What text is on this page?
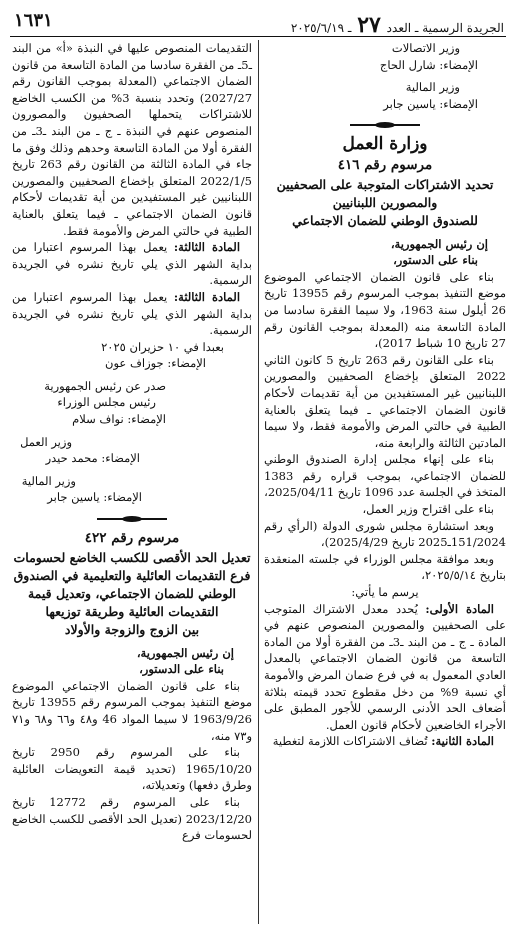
الجريدة الرسمية ـ العدد ٢٧ ـ ٢٠٢٥/٦/١٩
١٦٣١
وزير الاتصالات
الإمضاء: شارل الحاج
وزير المالية
الإمضاء: ياسين جابر
وزارة العمل
مرسوم رقم ٤١٦
تحديد الاشتراكات المتوجبة على الصحفيين
والمصورين اللبنانيين
للصندوق الوطني للضمان الاجتماعي
إن رئيس الجمهورية،
بناء على الدستور،
بناء على قانون الضمان الاجتماعي الموضوع موضع التنفيذ بموجب المرسوم رقم 13955 تاريخ 26 أيلول سنة 1963، ولا سيما الفقرة سادسا من المادة التاسعة منه (المعدلة بموجب القانون رقم 27 تاريخ 10 شباط 2017)،
بناء على القانون رقم 263 تاريخ 5 كانون الثاني 2022 المتعلق بإخضاع الصحفيين والمصورين اللبنانيين غير المستفيدين من أية تقديمات لأحكام قانون الضمان الاجتماعي ـ فيما يتعلق بالعناية الطبية في حالتي المرض والأمومة فقط، ولا سيما المادتين الثالثة والرابعة منه،
بناء على إنهاء مجلس إدارة الصندوق الوطني للضمان الاجتماعي، بموجب قراره رقم 1383 المتخذ في الجلسة عدد 1096 تاريخ 2025/04/11،
بناء على اقتراح وزير العمل،
وبعد استشارة مجلس شورى الدولة (الرأي رقم 151/2024ـ2025 تاريخ 2025/4/29)،
وبعد موافقة مجلس الوزراء في جلسته المنعقدة بتاريخ ٢٠٢٥/٥/١٤،
يرسم ما يأتي:
المادة الأولى: يُحدد معدل الاشتراك المتوجب على الصحفيين والمصورين المنصوص عنهم في المادة ـ ج ـ من البند ـ3ـ من الفقرة أولا من المادة التاسعة من قانون الضمان الاجتماعي بالمعدل العادي المعمول به في فرع ضمان المرض والأمومة أي نسبة 9% من دخل مقطوع تحدد قيمته بثلاثة أضعاف الحد الأدنى الرسمي للأجور المطبق على الأجراء الخاضعين لأحكام قانون العمل.
المادة الثانية: تُضاف الاشتراكات اللازمة لتغطية
التقديمات المنصوص عليها في النبذة «أ» من البند ـ5ـ من الفقرة سادسا من المادة التاسعة من قانون الضمان الاجتماعي (المعدلة بموجب القانون رقم 2027/27) وتحدد بنسبة 3% من الكسب الخاضع للاشتراكات يتحملها الصحفيون والمصورون المنصوص عنهم في النبذة ـ ج ـ من البند ـ3ـ من الفقرة أولا من المادة التاسعة وحدهم وذلك وفق ما جاء في المادة الثالثة من القانون رقم 263 تاريخ 2022/1/5 المتعلق بإخضاع الصحفيين والمصورين اللبنانيين غير المستفيدين من أية تقديمات لأحكام قانون الضمان الاجتماعي ـ فيما يتعلق بالعناية الطبية في حالتي المرض والأمومة فقط.
المادة الثالثة: يعمل بهذا المرسوم اعتبارا من بداية الشهر الذي يلي تاريخ نشره في الجريدة الرسمية.
المادة الثالثة: يعمل بهذا المرسوم اعتبارا من بداية الشهر الذي يلي تاريخ نشره في الجريدة الرسمية.
بعبدا في ١٠ حزيران ٢٠٢٥
الإمضاء: جوزاف عون
صدر عن رئيس الجمهورية
رئيس مجلس الوزراء
الإمضاء: نواف سلام
وزير العمل
الإمضاء: محمد حيدر
وزير المالية
الإمضاء: ياسين جابر
مرسوم رقم ٤٢٢
تعديل الحد الأقصى للكسب الخاضع لحسومات
فرع التقديمات العائلية والتعليمية في الصندوق
الوطني للضمان الاجتماعي، وتعديل قيمة
التقديمات العائلية وطريقة توزيعها
بين الزوج والزوجة والأولاد
إن رئيس الجمهورية،
بناء على الدستور،
بناء على قانون الضمان الاجتماعي الموضوع موضع التنفيذ بموجب المرسوم رقم 13955 تاريخ 1963/9/26 لا سيما المواد 46 و٤٨ و٦٦ و٦٨ و٧١ و٧٣ منه،
بناء على المرسوم رقم 2950 تاريخ 1965/10/20 (تحديد قيمة التعويضات العائلية وطرق دفعها) وتعديلاته،
بناء على المرسوم رقم 12772 تاريخ 2023/12/20 (تعديل الحد الأقصى للكسب الخاضع لحسومات فرع
